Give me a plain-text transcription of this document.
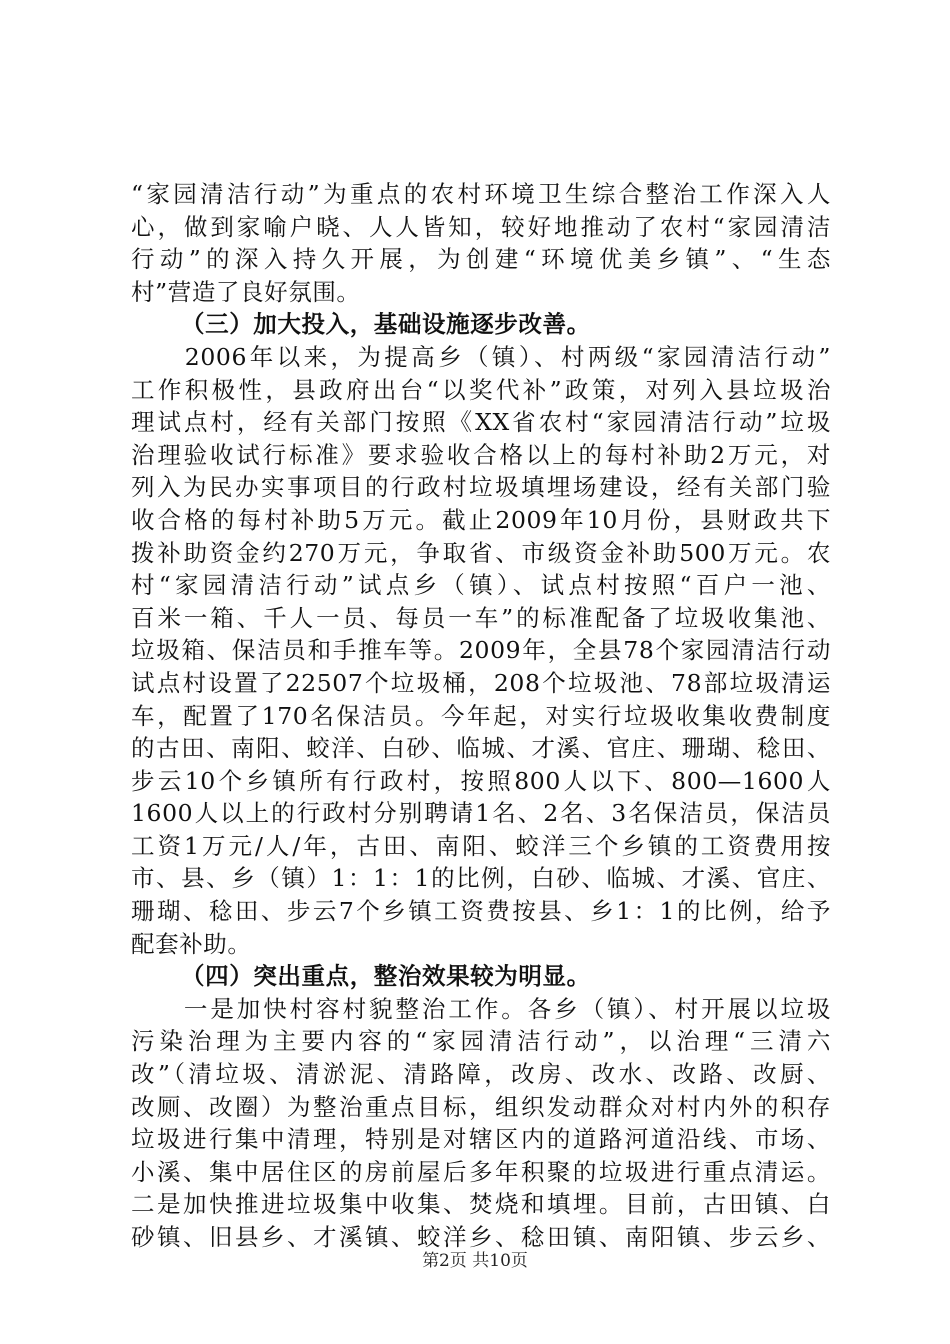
“家园清洁行动”为重点的农村环境卫生综合整治工作深入人
心，做到家喻户晓、人人皆知，较好地推动了农村“家园清洁
行动”的深入持久开展，为创建“环境优美乡镇”、“生态
村”营造了良好氛围。
（三）加大投入，基础设施逐步改善。
　　2006年以来，为提高乡（镇）、村两级“家园清洁行动”
工作积极性，县政府出台“以奖代补”政策，对列入县垃圾治
理试点村，经有关部门按照《XX省农村“家园清洁行动”垃圾
治理验收试行标准》要求验收合格以上的每村补助2万元，对
列入为民办实事项目的行政村垃圾填埋场建设，经有关部门验
收合格的每村补助5万元。截止2009年10月份，县财政共下
拨补助资金约270万元，争取省、市级资金补助500万元。农
村“家园清洁行动”试点乡（镇）、试点村按照“百户一池、
百米一箱、千人一员、每员一车”的标准配备了垃圾收集池、
垃圾箱、保洁员和手推车等。2009年，全县78个家园清洁行动
试点村设置了22507个垃圾桶，208个垃圾池、78部垃圾清运
车，配置了170名保洁员。今年起，对实行垃圾收集收费制度
的古田、南阳、蛟洋、白砂、临城、才溪、官庄、珊瑚、稔田、
步云10个乡镇所有行政村，按照800人以下、800—1600人
1600人以上的行政村分别聘请1名、2名、3名保洁员，保洁员
工资1万元/人/年，古田、南阳、蛟洋三个乡镇的工资费用按
市、县、乡（镇）1：1：1的比例，白砂、临城、才溪、官庄、
珊瑚、稔田、步云7个乡镇工资费按县、乡1：1的比例，给予
配套补助。
（四）突出重点，整治效果较为明显。
　　一是加快村容村貌整治工作。各乡（镇）、村开展以垃圾
污染治理为主要内容的“家园清洁行动”，以治理“三清六
改”（清垃圾、清淤泥、清路障，改房、改水、改路、改厨、
改厕、改圈）为整治重点目标，组织发动群众对村内外的积存
垃圾进行集中清理，特别是对辖区内的道路河道沿线、市场、
小溪、集中居住区的房前屋后多年积聚的垃圾进行重点清运。
二是加快推进垃圾集中收集、焚烧和填埋。目前，古田镇、白
砂镇、旧县乡、才溪镇、蛟洋乡、稔田镇、南阳镇、步云乡、
第2页 共10页
